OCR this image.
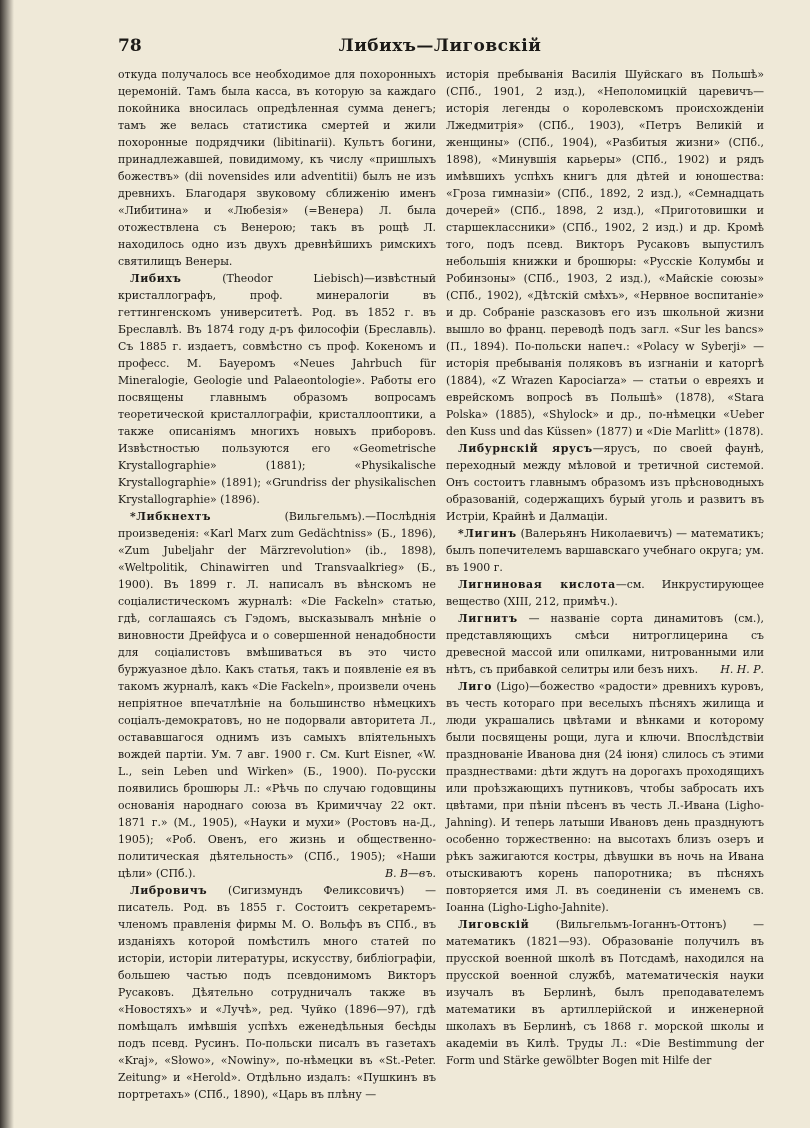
78	Либихъ—Лиговскій

откуда получалось все необходимое для похоронныхъ церемоній. Тамъ была касса, въ которую за каждаго покойника вносилась опредѣленная сумма денегъ; тамъ же велась статистика смертей и жили похоронные подрядчики (libitinarii). Культъ богини, принадлежавшей, повидимому, къ числу «пришлыхъ божествъ» (dii novensides или adventitii) былъ не изъ древнихъ. Благодаря звуковому сближенію именъ «Либитина» и «Любезія» (=Венера) Л. была отожествлена съ Венерою; такъ въ рощѣ Л. находилось одно изъ двухъ древнѣйшихъ римскихъ святилищъ Венеры.

Либихъ (Theodor Liebisch)—извѣстный кристаллографъ, проф. минералогіи въ геттингенскомъ университетѣ. Род. въ 1852 г. въ Бреславлѣ. Въ 1874 году д-ръ философіи (Бреславль). Съ 1885 г. издаетъ, совмѣстно съ проф. Кокеномъ и професс. М. Бауеромъ «Neues Jahrbuch für Mineralogie, Geologie und Palaeontologie». Работы его посвящены главнымъ образомъ вопросамъ теоретической кристаллографіи, кристаллооптики, а также описаніямъ многихъ новыхъ приборовъ. Извѣстностью пользуются его «Geometrische Krystallographie» (1881); «Physikalische Krystallographie» (1891); «Grundriss der physikalischen Krystallographie» (1896).

*Либкнехтъ (Вильгельмъ).—Послѣднія произведенія: «Karl Marx zum Gedächtniss» (Б., 1896), «Zum Jubeljahr der Märzrevolution» (ib., 1898), «Weltpolitik, Chinawirren und Transvaalkrieg» (Б., 1900). Въ 1899 г. Л. написалъ въ вѣнскомъ не соціалистическомъ журналѣ: «Die Fackeln» статью, гдѣ, соглашаясь съ Гэдомъ, высказывалъ мнѣніе о виновности Дрейфуса и о совершенной ненадобности для соціалистовъ вмѣшиваться въ это чисто буржуазное дѣло. Какъ статья, такъ и появленіе ея въ такомъ журналѣ, какъ «Die Fackeln», произвели очень непріятное впечатлѣніе на большинство нѣмецкихъ соціалъ-демократовъ, но не подорвали авторитета Л., остававшагося однимъ изъ самыхъ вліятельныхъ вождей партіи. Ум. 7 авг. 1900 г. См. Kurt Eisner, «W. L., sein Leben und Wirken» (Б., 1900). По-русски появились брошюры Л.: «Рѣчь по случаю годовщины основанія народнаго союза въ Кримиччау 22 окт. 1871 г.» (М., 1905), «Науки и мухи» (Ростовъ на-Д., 1905); «Роб. Овенъ, его жизнь и общественно-политическая дѣятельность» (СПб., 1905); «Наши цѣли» (СПб.).	В. В—въ.

Либровичъ (Сигизмундъ Феликсовичъ) — писатель. Род. въ 1855 г. Состоитъ секретаремъ-членомъ правленія фирмы М. О. Вольфъ въ СПб., въ изданіяхъ которой помѣстилъ много статей по исторіи, исторіи литературы, искусству, библіографіи, большею частью подъ псевдонимомъ Викторъ Русаковъ. Дѣятельно сотрудничалъ также въ «Новостяхъ» и «Лучѣ», ред. Чуйко (1896—97), гдѣ помѣщалъ имѣвшія успѣхъ еженедѣльныя бесѣды подъ псевд. Русинъ. По-польски писалъ въ газетахъ «Kraj», «Słowo», «Nowiny», по-нѣмецки въ «St.-Peter. Zeitung» и «Herold». Отдѣльно издалъ: «Пушкинъ въ портретахъ» (СПб., 1890), «Царь въ плѣну —

исторія пребыванія Василія Шуйскаго въ Польшѣ» (СПб., 1901, 2 изд.), «Неполомицкій царевичъ—исторія легенды о королевскомъ происхожденіи Лжедмитрія» (СПб., 1903), «Петръ Великій и женщины» (СПб., 1904), «Разбитыя жизни» (СПб., 1898), «Минувшія карьеры» (СПб., 1902) и рядъ имѣвшихъ успѣхъ книгъ для дѣтей и юношества: «Гроза гимназіи» (СПб., 1892, 2 изд.), «Семнадцать дочерей» (СПб., 1898, 2 изд.), «Приготовишки и старшеклассники» (СПб., 1902, 2 изд.) и др. Кромѣ того, подъ псевд. Викторъ Русаковъ выпустилъ небольшія книжки и брошюры: «Русскіе Колумбы и Робинзоны» (СПб., 1903, 2 изд.), «Майскіе союзы» (СПб., 1902), «Дѣтскій смѣхъ», «Нервное воспитаніе» и др. Собраніе разсказовъ его изъ школьной жизни вышло во франц. переводѣ подъ загл. «Sur les bancs» (П., 1894). По-польски напеч.: «Polacy w Syberji» — исторія пребыванія поляковъ въ изгнаніи и каторгѣ (1884), «Z Wrazen Kapociarza» — статьи о евреяхъ и еврейскомъ вопросѣ въ Польшѣ» (1878), «Stara Polska» (1885), «Shylock» и др., по-нѣмецки «Ueber den Kuss und das Küssen» (1877) и «Die Marlitt» (1878).

Либурнскій ярусъ—ярусъ, по своей фаунѣ, переходный между мѣловой и третичной системой. Онъ состоитъ главнымъ образомъ изъ прѣсноводныхъ образованій, содержащихъ бурый уголь и развитъ въ Истріи, Крайнѣ и Далмаціи.

*Лигинъ (Валерьянъ Николаевичъ) — математикъ; былъ попечителемъ варшавскаго учебнаго округа; ум. въ 1900 г.

Лигниновая кислота—см. Инкрустирующее вещество (XIII, 212, примѣч.).

Лигнитъ — названіе сорта динамитовъ (см.), представляющихъ смѣси нитроглицерина съ древесной массой или опилками, нитрованными или нѣтъ, съ прибавкой селитры или безъ нихъ.	Н. Н. Р.

Лиго (Ligo)—божество «радости» древнихъ куровъ, въ честь котораго при веселыхъ пѣсняхъ жилища и люди украшались цвѣтами и вѣнками и которому были посвящены рощи, луга и ключи. Впослѣдствіи празднованіе Иванова дня (24 іюня) слилось съ этими празднествами: дѣти ждутъ на дорогахъ проходящихъ или проѣзжающихъ путниковъ, чтобы забросать ихъ цвѣтами, при пѣніи пѣсенъ въ честь Л.-Ивана (Ligho-Jahning). И теперь латыши Ивановъ день празднуютъ особенно торжественно: на высотахъ близъ озеръ и рѣкъ зажигаются костры, дѣвушки въ ночь на Ивана отыскиваютъ корень папоротника; въ пѣсняхъ повторяется имя Л. въ соединеніи съ именемъ св. Іоанна (Ligho-Ligho-Jahnite).

Лиговскій (Вильгельмъ-Іоганнъ-Оттонъ) — математикъ (1821—93). Образованіе получилъ въ прусской военной школѣ въ Потсдамѣ, находился на прусской военной службѣ, математическія науки изучалъ въ Берлинѣ, былъ преподавателемъ математики въ артиллерійской и инженерной школахъ въ Берлинѣ, съ 1868 г. морской школы и академіи въ Килѣ. Труды Л.: «Die Bestimmung der Form und Stärke gewölbter Bogen mit Hilfe der
